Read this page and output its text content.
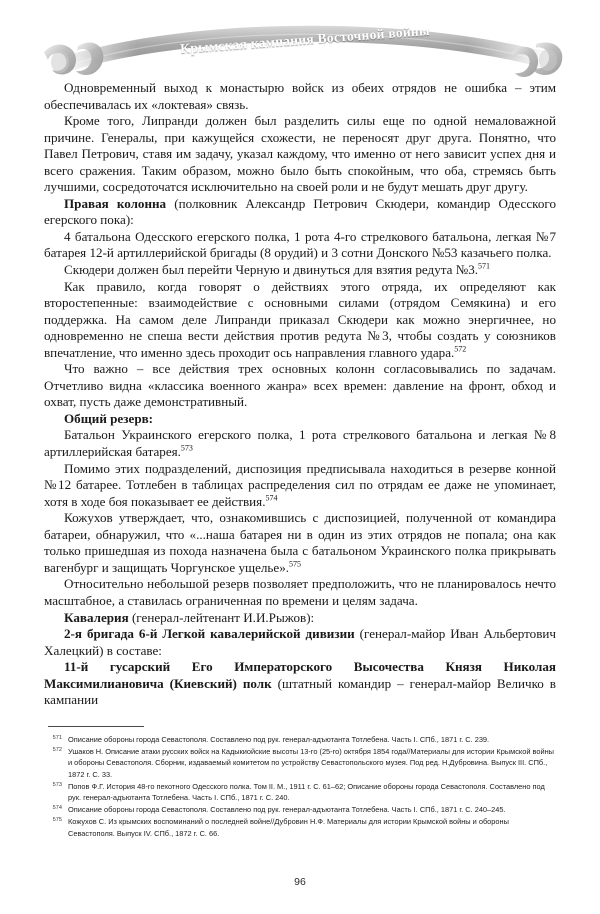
Крымская кампания Восточной войны

Одновременный выход к монастырю войск из обеих отрядов не ошибка – этим обеспечивалась их «локтевая» связь.

Кроме того, Липранди должен был разделить силы еще по одной немаловажной причине. Генералы, при кажущейся схожести, не переносят друг друга. Понятно, что Павел Петрович, ставя им задачу, указал каждому, что именно от него зависит успех дня и всего сражения. Таким образом, можно было быть спокойным, что оба, стремясь быть лучшими, сосредоточатся исключительно на своей роли и не будут мешать друг другу.

Правая колонна (полковник Александр Петрович Скюдери, командир Одесского егерского пока):

4 батальона Одесского егерского полка, 1 рота 4-го стрелкового батальона, легкая №7 батарея 12-й артиллерийской бригады (8 орудий) и 3 сотни Донского №53 казачьего полка.

Скюдери должен был перейти Черную и двинуться для взятия редута №3.$^{571}$

Как правило, когда говорят о действиях этого отряда, их определяют как второстепенные: взаимодействие с основными силами (отрядом Семякина) и его поддержка. На самом деле Липранди приказал Скюдери как можно энергичнее, но одновременно не спеша вести действия против редута №3, чтобы создать у союзников впечатление, что именно здесь проходит ось направления главного удара.$^{572}$

Что важно – все действия трех основных колонн согласовывались по задачам. Отчетливо видна «классика военного жанра» всех времен: давление на фронт, обход и охват, пусть даже демонстративный.

Общий резерв:

Батальон Украинского егерского полка, 1 рота стрелкового батальона и легкая №8 артиллерийская батарея.$^{573}$

Помимо этих подразделений, диспозиция предписывала находиться в резерве конной №12 батарее. Тотлебен в таблицах распределения сил по отрядам ее даже не упоминает, хотя в ходе боя показывает ее действия.$^{574}$

Кожухов утверждает, что, ознакомившись с диспозицией, полученной от командира батареи, обнаружил, что «...наша батарея ни в один из этих отрядов не попала; она как только пришедшая из похода назначена была с батальоном Украинского полка прикрывать вагенбург и защищать Чоргунское ущелье».$^{575}$

Относительно небольшой резерв позволяет предположить, что не планировалось нечто масштабное, а ставилась ограниченная по времени и целям задача.

Кавалерия (генерал-лейтенант И.И.Рыжов):

2-я бригада 6-й Легкой кавалерийской дивизии (генерал-майор Иван Альбертович Халецкий) в составе:

11-й гусарский Его Императорского Высочества Князя Николая Максимилиановича (Киевский) полк (штатный командир – генерал-майор Величко в кампании

571 Описание обороны города Севастополя. Составлено под рук. генерал-адъютанта Тотлебена. Часть I. СПб., 1871 г. С. 239.
572 Ушаков Н. Описание атаки русских войск на Кадыкиойские высоты 13-го (25-го) октября 1854 года//Материалы для истории Крымской войны и обороны Севастополя. Сборник, издаваемый комитетом по устройству Севастопольского музея. Под ред. Н.Дубровина. Выпуск III. СПб., 1872 г. С. 33.
573 Попов Ф.Г. История 48-го пехотного Одесского полка. Том II. М., 1911 г. С. 61–62; Описание обороны города Севастополя. Составлено под рук. генерал-адъютанта Тотлебена. Часть I. СПб., 1871 г. С. 240.
574 Описание обороны города Севастополя. Составлено под рук. генерал-адъютанта Тотлебена. Часть I. СПб., 1871 г. С. 240–245.
575 Кожухов С. Из крымских воспоминаний о последней войне//Дубровин Н.Ф. Материалы для истории Крымской войны и обороны Севастополя. Выпуск IV. СПб., 1872 г. С. 66.
96
